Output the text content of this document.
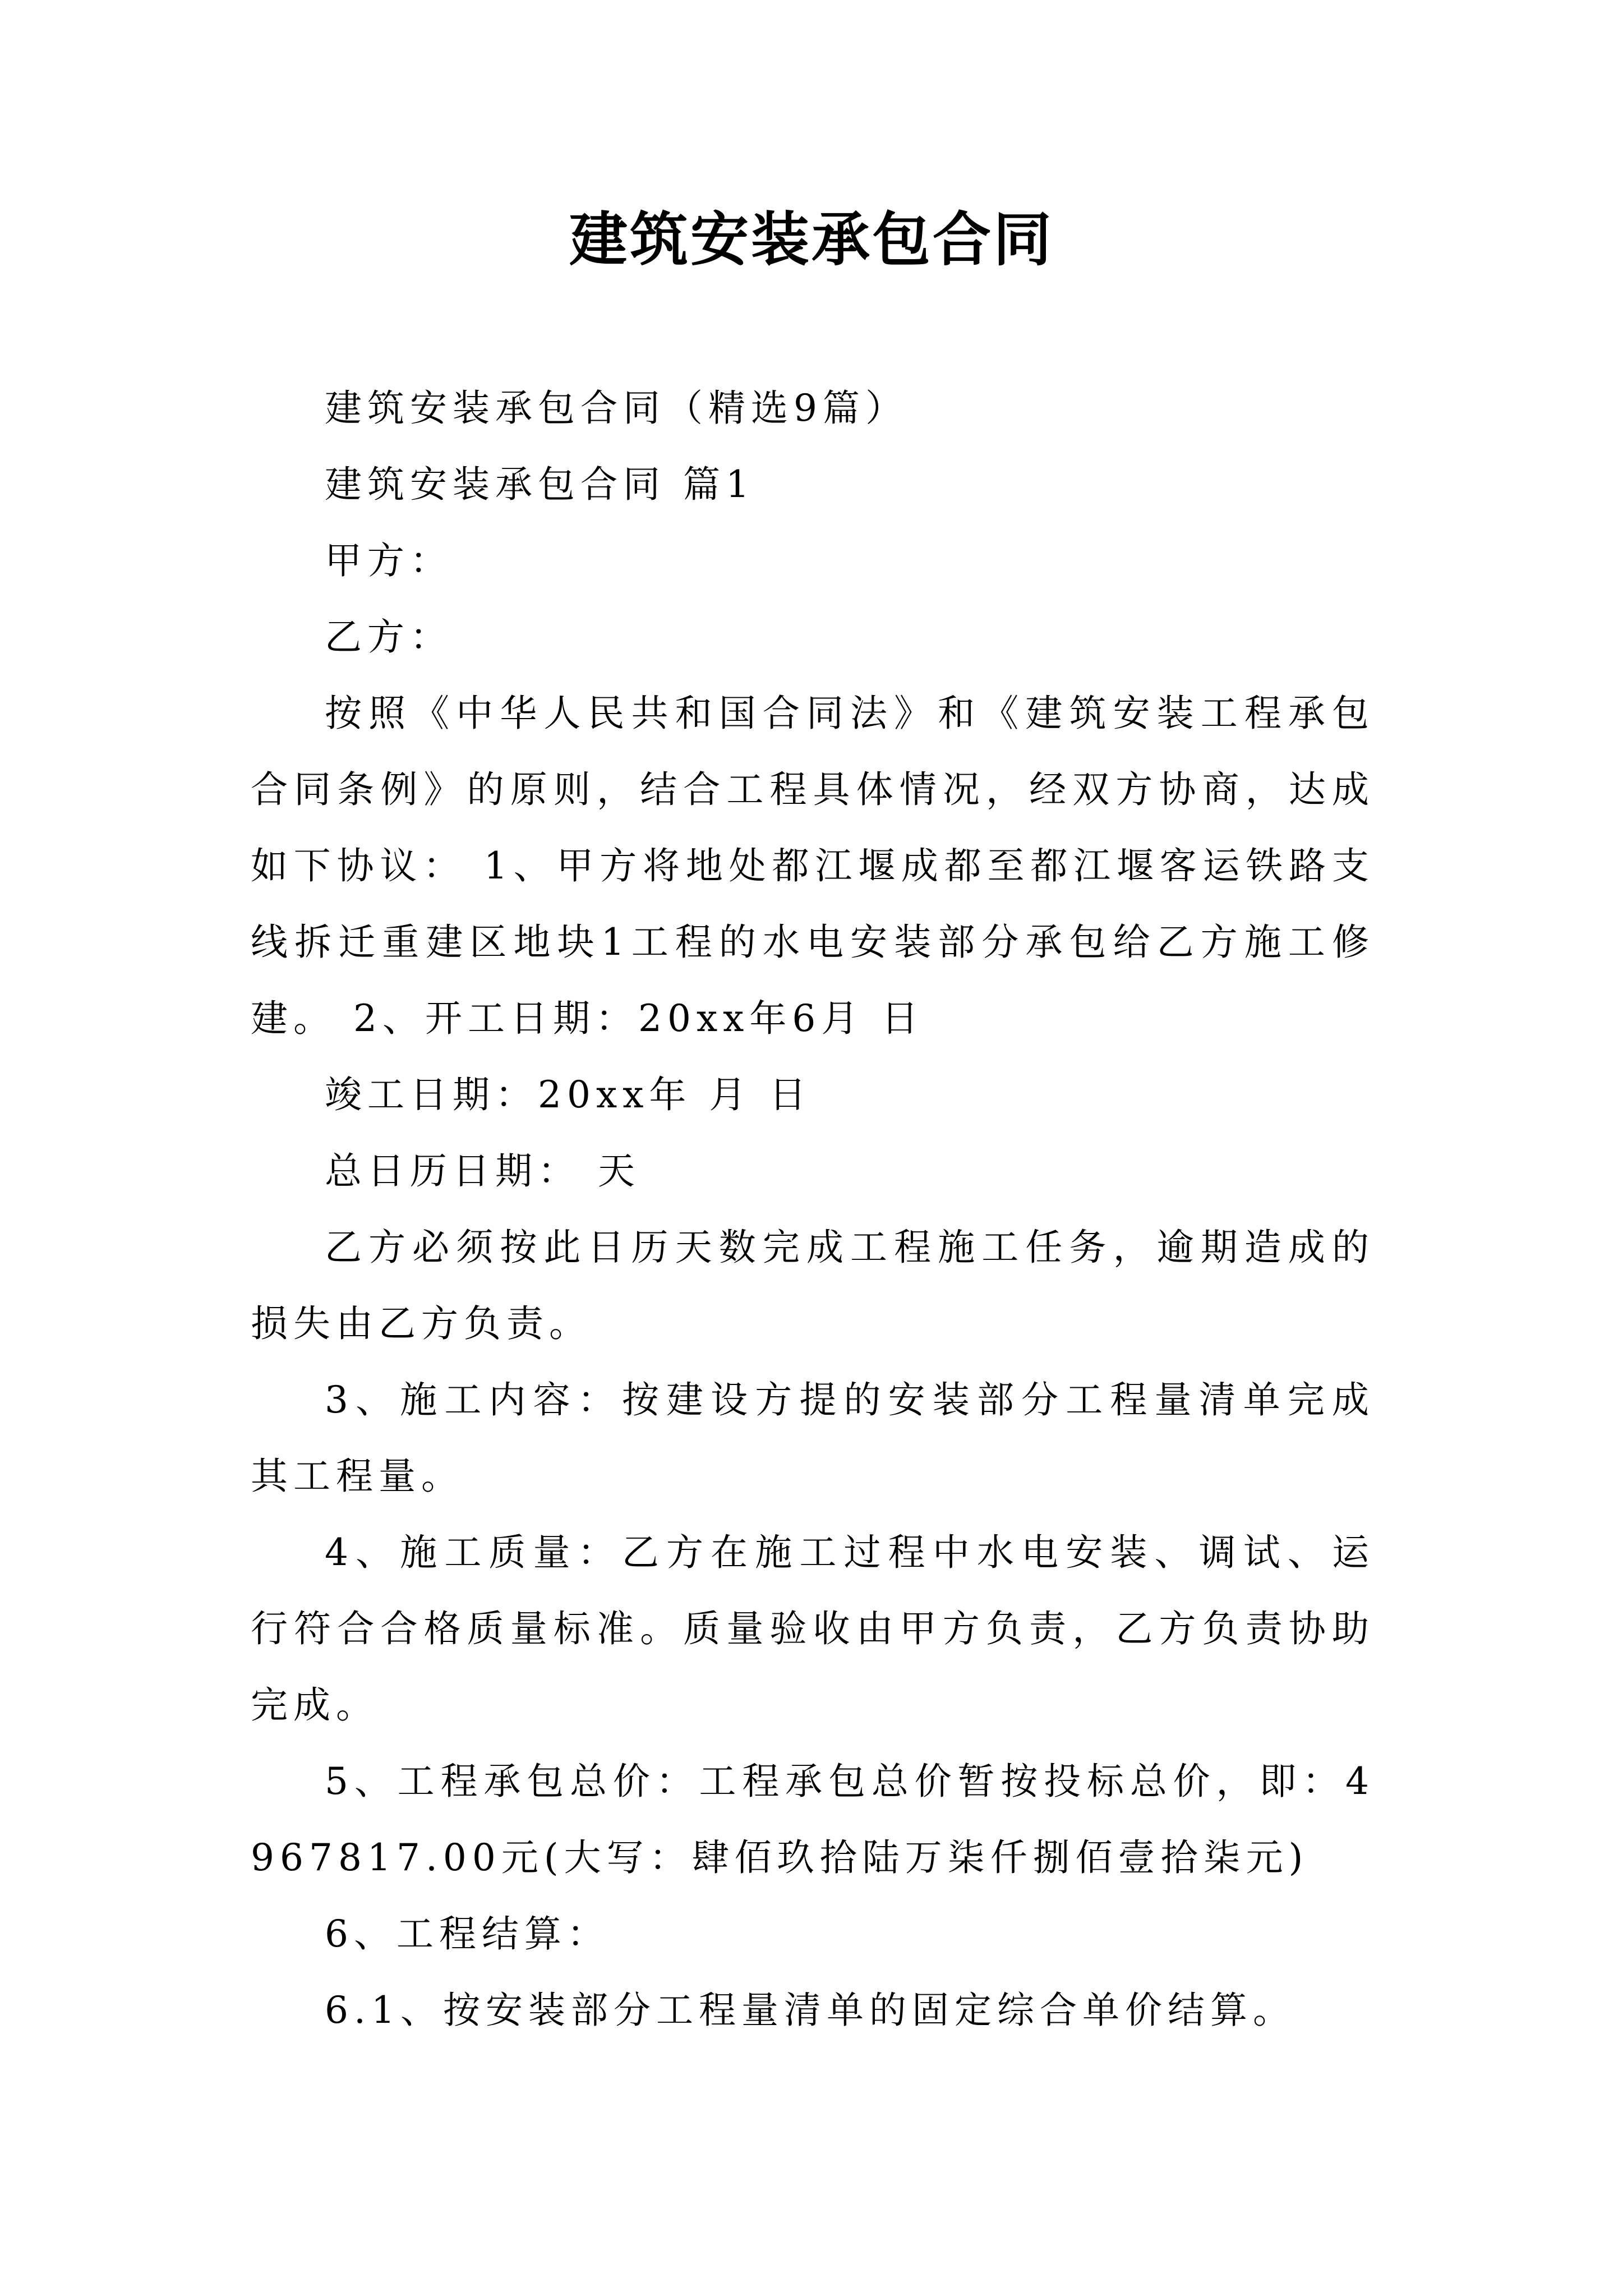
建筑安装承包合同

建筑安装承包合同（精选9篇）

建筑安装承包合同 篇1

甲方：

乙方：

按照《中华人民共和国合同法》和《建筑安装工程承包合同条例》的原则，结合工程具体情况，经双方协商，达成如下协议： 1、甲方将地处都江堰成都至都江堰客运铁路支线拆迁重建区地块1工程的水电安装部分承包给乙方施工修建。 2、开工日期：20xx年6月 日

竣工日期：20xx年 月 日

总日历日期： 天

乙方必须按此日历天数完成工程施工任务，逾期造成的损失由乙方负责。

3、施工内容：按建设方提的安装部分工程量清单完成其工程量。

4、施工质量：乙方在施工过程中水电安装、调试、运行符合合格质量标准。质量验收由甲方负责，乙方负责协助完成。

5、工程承包总价：工程承包总价暂按投标总价，即：4967817.00元(大写：肆佰玖拾陆万柒仟捌佰壹拾柒元)

6、工程结算：

6.1、按安装部分工程量清单的固定综合单价结算。
